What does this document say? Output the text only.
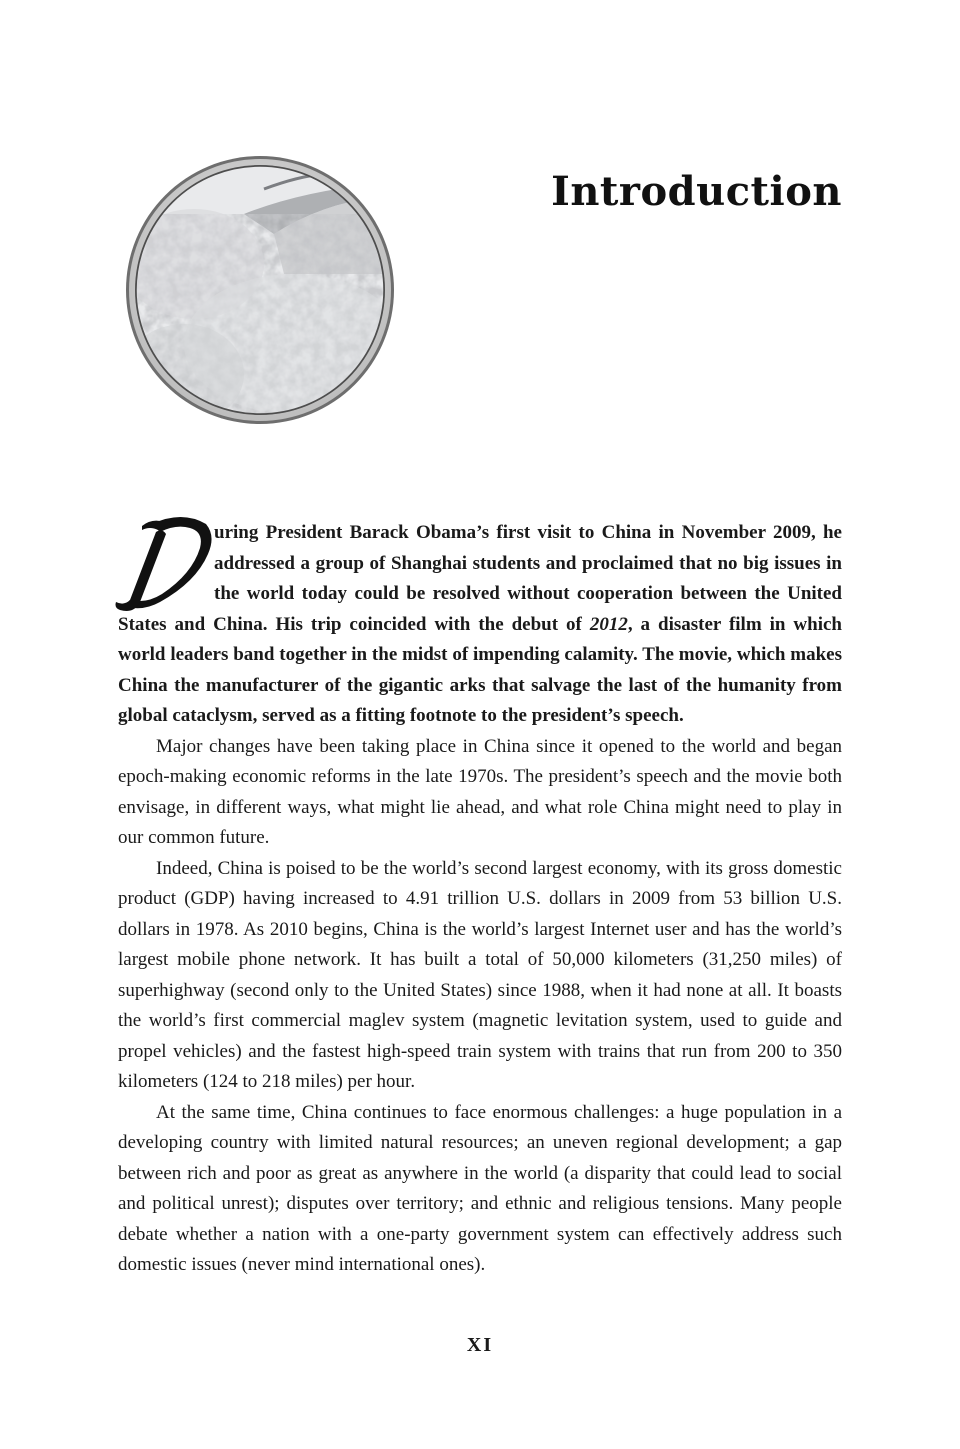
Introduction

D
uring President Barack Obama’s first visit to China in November 2009, he addressed a group of Shanghai students and proclaimed that no big issues in the world today could be resolved without cooperation between the United States and China. His trip coincided with the debut of 2012, a disaster film in which world leaders band together in the midst of impending calamity. The movie, which makes China the manufacturer of the gigantic arks that salvage the last of the humanity from global cataclysm, served as a fitting footnote to the president’s speech.

Major changes have been taking place in China since it opened to the world and began epoch-making economic reforms in the late 1970s. The president’s speech and the movie both envisage, in different ways, what might lie ahead, and what role China might need to play in our common future.

Indeed, China is poised to be the world’s second largest economy, with its gross domestic product (GDP) having increased to 4.91 trillion U.S. dollars in 2009 from 53 billion U.S. dollars in 1978. As 2010 begins, China is the world’s largest Internet user and has the world’s largest mobile phone network. It has built a total of 50,000 kilometers (31,250 miles) of superhighway (second only to the United States) since 1988, when it had none at all. It boasts the world’s first commercial maglev system (magnetic levitation system, used to guide and propel vehicles) and the fastest high-speed train system with trains that run from 200 to 350 kilometers (124 to 218 miles) per hour.

At the same time, China continues to face enormous challenges: a huge population in a developing country with limited natural resources; an uneven regional development; a gap between rich and poor as great as anywhere in the world (a disparity that could lead to social and political unrest); disputes over territory; and ethnic and religious tensions. Many people debate whether a nation with a one-party government system can effectively address such domestic issues (never mind international ones).

XI
